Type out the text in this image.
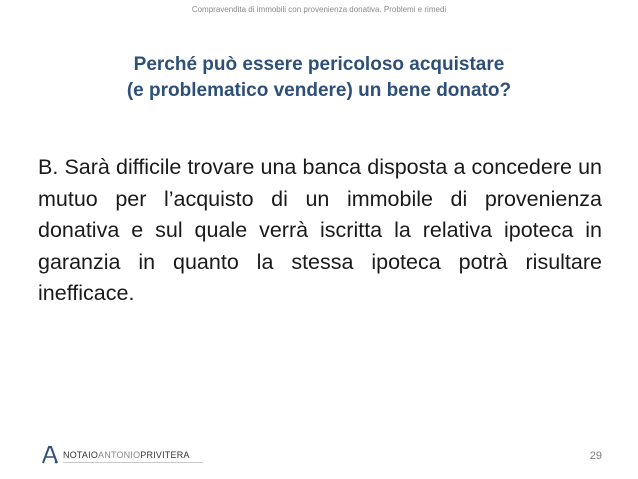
Compravendita di immobili con provenienza donativa. Problemi e rimedi
Perché può essere pericoloso acquistare
(e problematico vendere) un bene donato?
B. Sarà difficile trovare una banca disposta a concedere un mutuo per l’acquisto di un immobile di provenienza donativa e sul quale verrà iscritta la relativa ipoteca in garanzia in quanto la stessa ipoteca potrà risultare inefficace.
NOTAIOANTONIOPRIVITERA	29
